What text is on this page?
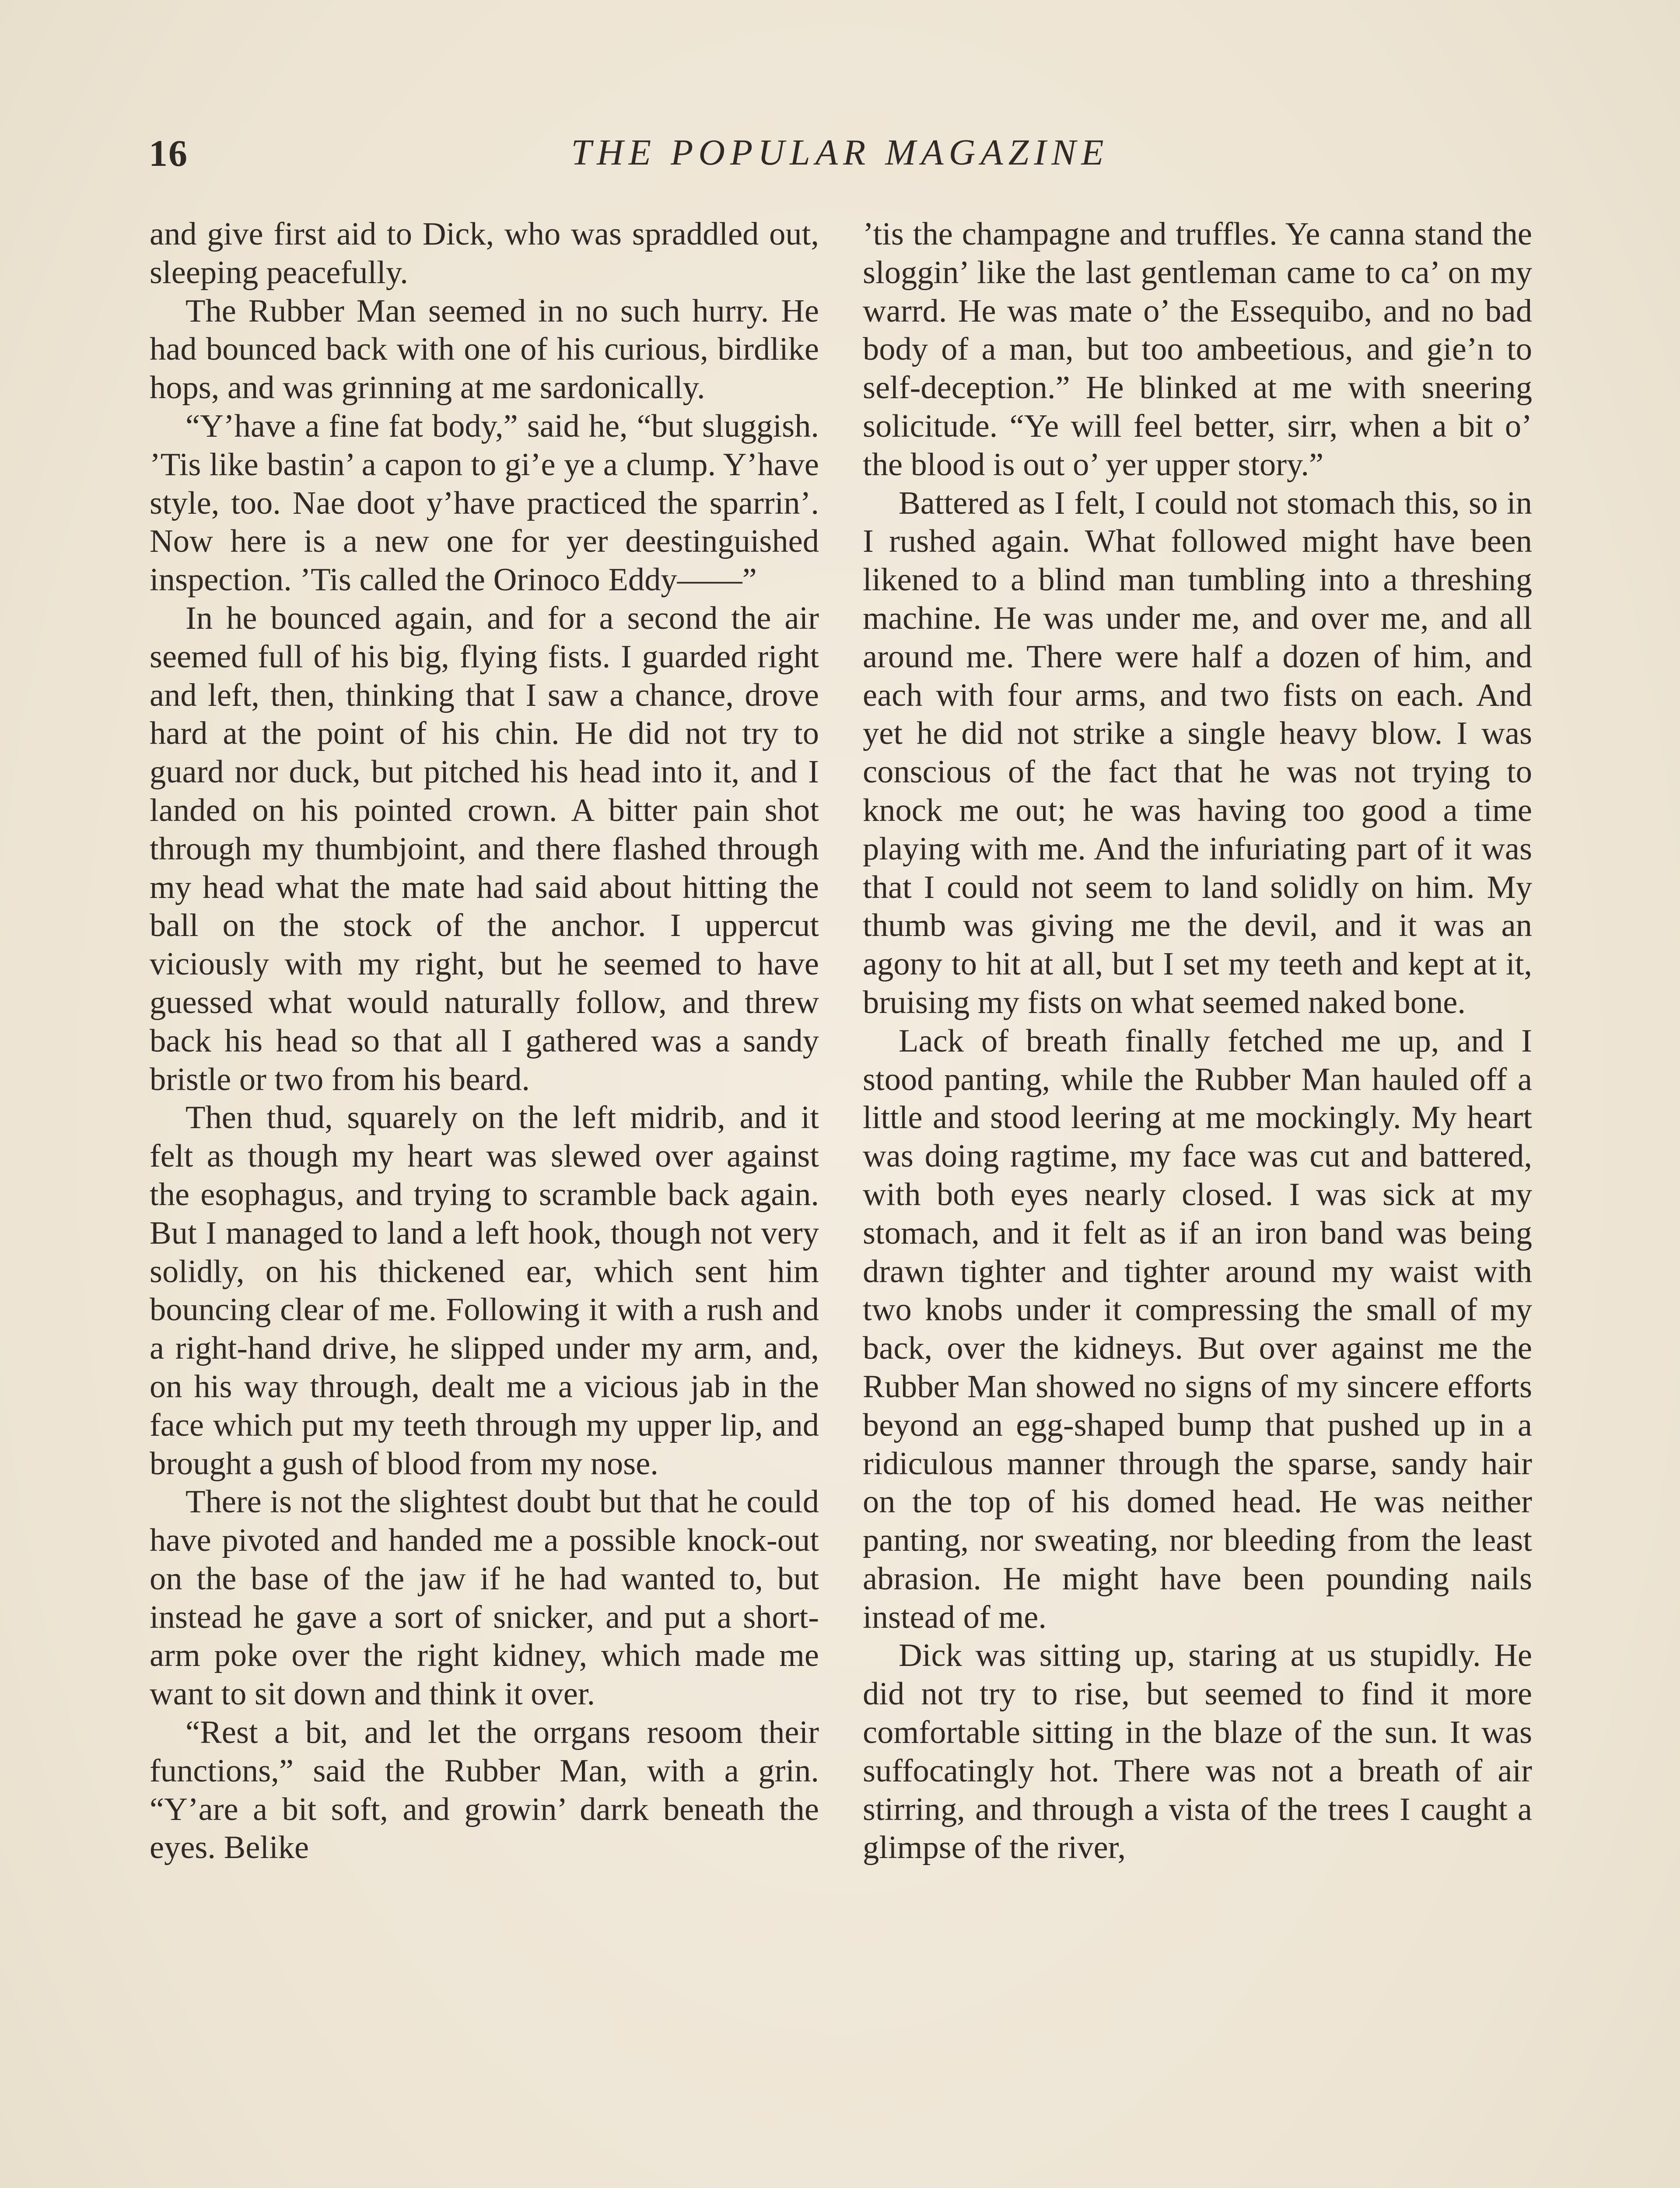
16	THE POPULAR MAGAZINE

and give first aid to Dick, who was spraddled out, sleeping peacefully.

The Rubber Man seemed in no such hurry. He had bounced back with one of his curious, birdlike hops, and was grinning at me sardonically.

“Y’have a fine fat body,” said he, “but sluggish. ’Tis like bastin’ a capon to gi’e ye a clump. Y’have style, too. Nae doot y’have practiced the sparrin’. Now here is a new one for yer deestinguished inspection. ’Tis called the Orinoco Eddy——”

In he bounced again, and for a second the air seemed full of his big, flying fists. I guarded right and left, then, thinking that I saw a chance, drove hard at the point of his chin. He did not try to guard nor duck, but pitched his head into it, and I landed on his pointed crown. A bitter pain shot through my thumbjoint, and there flashed through my head what the mate had said about hitting the ball on the stock of the anchor. I uppercut viciously with my right, but he seemed to have guessed what would naturally follow, and threw back his head so that all I gathered was a sandy bristle or two from his beard.

Then thud, squarely on the left midrib, and it felt as though my heart was slewed over against the esophagus, and trying to scramble back again. But I managed to land a left hook, though not very solidly, on his thickened ear, which sent him bouncing clear of me. Following it with a rush and a right-hand drive, he slipped under my arm, and, on his way through, dealt me a vicious jab in the face which put my teeth through my upper lip, and brought a gush of blood from my nose.

There is not the slightest doubt but that he could have pivoted and handed me a possible knock-out on the base of the jaw if he had wanted to, but instead he gave a sort of snicker, and put a short-arm poke over the right kidney, which made me want to sit down and think it over.

“Rest a bit, and let the orrgans resoom their functions,” said the Rubber Man, with a grin. “Y’are a bit soft, and growin’ darrk beneath the eyes. Belike

’tis the champagne and truffles. Ye canna stand the sloggin’ like the last gentleman came to ca’ on my warrd. He was mate o’ the Essequibo, and no bad body of a man, but too ambeetious, and gie’n to self-deception.” He blinked at me with sneering solicitude. “Ye will feel better, sirr, when a bit o’ the blood is out o’ yer upper story.”

Battered as I felt, I could not stomach this, so in I rushed again. What followed might have been likened to a blind man tumbling into a threshing machine. He was under me, and over me, and all around me. There were half a dozen of him, and each with four arms, and two fists on each. And yet he did not strike a single heavy blow. I was conscious of the fact that he was not trying to knock me out; he was having too good a time playing with me. And the infuriating part of it was that I could not seem to land solidly on him. My thumb was giving me the devil, and it was an agony to hit at all, but I set my teeth and kept at it, bruising my fists on what seemed naked bone.

Lack of breath finally fetched me up, and I stood panting, while the Rubber Man hauled off a little and stood leering at me mockingly. My heart was doing ragtime, my face was cut and battered, with both eyes nearly closed. I was sick at my stomach, and it felt as if an iron band was being drawn tighter and tighter around my waist with two knobs under it compressing the small of my back, over the kidneys. But over against me the Rubber Man showed no signs of my sincere efforts beyond an egg-shaped bump that pushed up in a ridiculous manner through the sparse, sandy hair on the top of his domed head. He was neither panting, nor sweating, nor bleeding from the least abrasion. He might have been pounding nails instead of me.

Dick was sitting up, staring at us stupidly. He did not try to rise, but seemed to find it more comfortable sitting in the blaze of the sun. It was suffocatingly hot. There was not a breath of air stirring, and through a vista of the trees I caught a glimpse of the river,
